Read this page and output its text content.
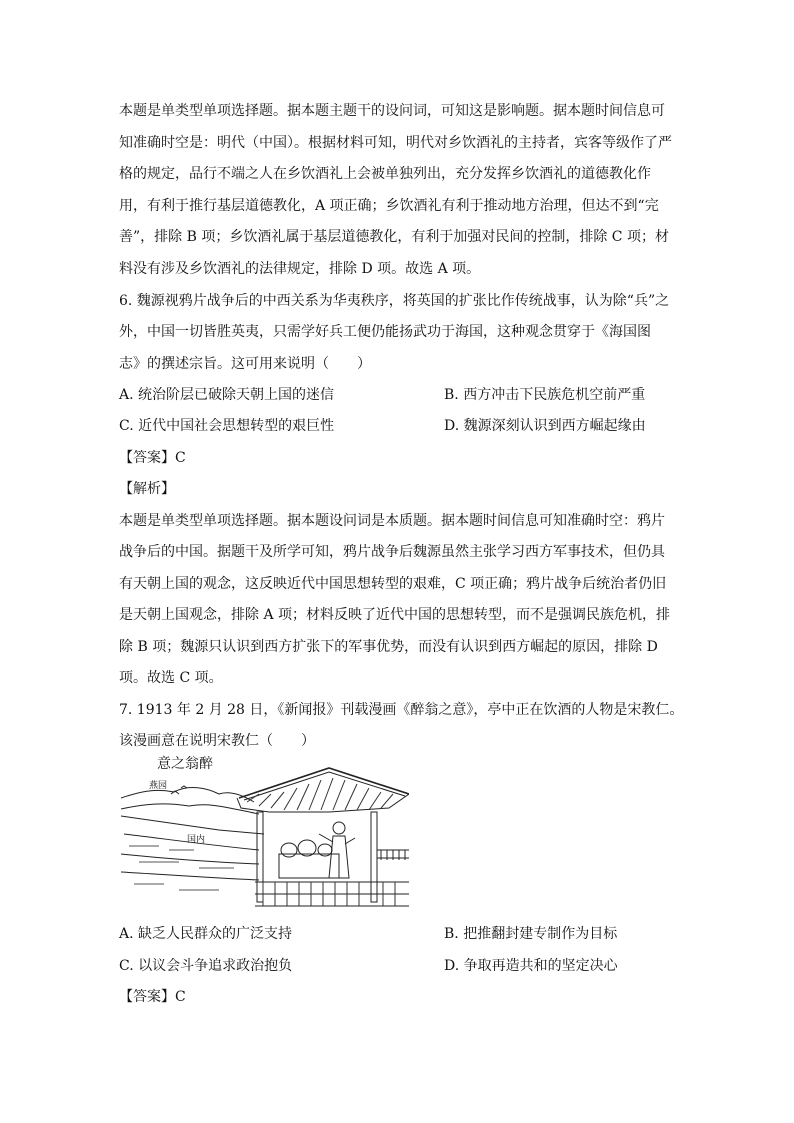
本题是单类型单项选择题。据本题主题干的设问词，可知这是影响题。据本题时间信息可
知准确时空是：明代（中国）。根据材料可知，明代对乡饮酒礼的主持者，宾客等级作了严
格的规定，品行不端之人在乡饮酒礼上会被单独列出，充分发挥乡饮酒礼的道德教化作
用，有利于推行基层道德教化，A 项正确；乡饮酒礼有利于推动地方治理，但达不到“完
善”，排除 B 项；乡饮酒礼属于基层道德教化，有利于加强对民间的控制，排除 C 项；材
料没有涉及乡饮酒礼的法律规定，排除 D 项。故选 A 项。
6. 魏源视鸦片战争后的中西关系为华夷秩序，将英国的扩张比作传统战事，认为除“兵”之
外，中国一切皆胜英夷，只需学好兵工便仍能扬武功于海国，这种观念贯穿于《海国图
志》的撰述宗旨。这可用来说明（　　）
A. 统治阶层已破除天朝上国的迷信	B. 西方冲击下民族危机空前严重
C. 近代中国社会思想转型的艰巨性	D. 魏源深刻认识到西方崛起缘由
【答案】C
【解析】
本题是单类型单项选择题。据本题设问词是本质题。据本题时间信息可知准确时空：鸦片
战争后的中国。据题干及所学可知，鸦片战争后魏源虽然主张学习西方军事技术，但仍具
有天朝上国的观念，这反映近代中国思想转型的艰难，C 项正确；鸦片战争后统治者仍旧
是天朝上国观念，排除 A 项；材料反映了近代中国的思想转型，而不是强调民族危机，排
除 B 项；魏源只认识到西方扩张下的军事优势，而没有认识到西方崛起的原因，排除 D
项。故选 C 项。
7. 1913 年 2 月 28 日，《新闻报》刊载漫画《醉翁之意》，亭中正在饮酒的人物是宋教仁。
该漫画意在说明宋教仁（　　）
意之翁醉
燕园
国内
A. 缺乏人民群众的广泛支持	B. 把推翻封建专制作为目标
C. 以议会斗争追求政治抱负	D. 争取再造共和的坚定决心
【答案】C
